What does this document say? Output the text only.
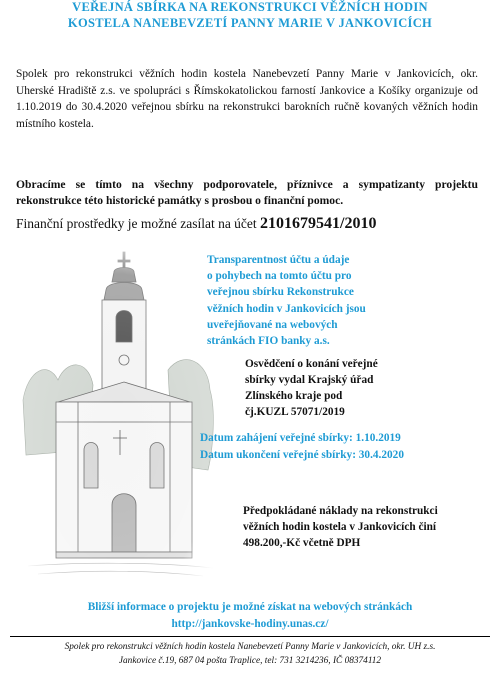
VEŘEJNÁ SBÍRKA NA REKONSTRUKCI VĚŽNÍCH HODIN
KOSTELA NANEBEVZETÍ PANNY MARIE V JANKOVICÍCH
Spolek pro rekonstrukci věžních hodin kostela Nanebevzetí Panny Marie v Jankovicích, okr. Uherské Hradiště z.s. ve spolupráci s Římskokatolickou farností Jankovice a Košíky organizuje od 1.10.2019 do 30.4.2020 veřejnou sbírku na rekonstrukci barokních ručně kovaných věžních hodin místního kostela.
Obracíme se tímto na všechny podporovatele, příznivce a sympatizanty projektu rekonstrukce této historické památky s prosbou o finanční pomoc.
Finanční prostředky je možné zasílat na účet 2101679541/2010
Transparentnost účtu a údaje
o pohybech na tomto účtu pro
veřejnou sbírku Rekonstrukce
věžních hodin v Jankovicích jsou
uveřejňované na webových
stránkách FIO banky a.s.
Osvědčení o konání veřejné
sbírky vydal Krajský úřad
Zlínského kraje pod
čj.KUZL 57071/2019
Datum zahájení veřejné sbírky: 1.10.2019
Datum ukončení veřejné sbírky: 30.4.2020
Předpokládané náklady na rekonstrukci
věžních hodin kostela v Jankovicích činí
498.200,-Kč včetně DPH
Bližší informace o projektu je možné získat na webových stránkách
http://jankovske-hodiny.unas.cz/
Spolek pro rekonstrukci věžních hodin kostela Nanebevzetí Panny Marie v Jankovicích, okr. UH z.s.
Jankovice č.19, 687 04 pošta Traplice, tel: 731 3214236, IČ 08374112
